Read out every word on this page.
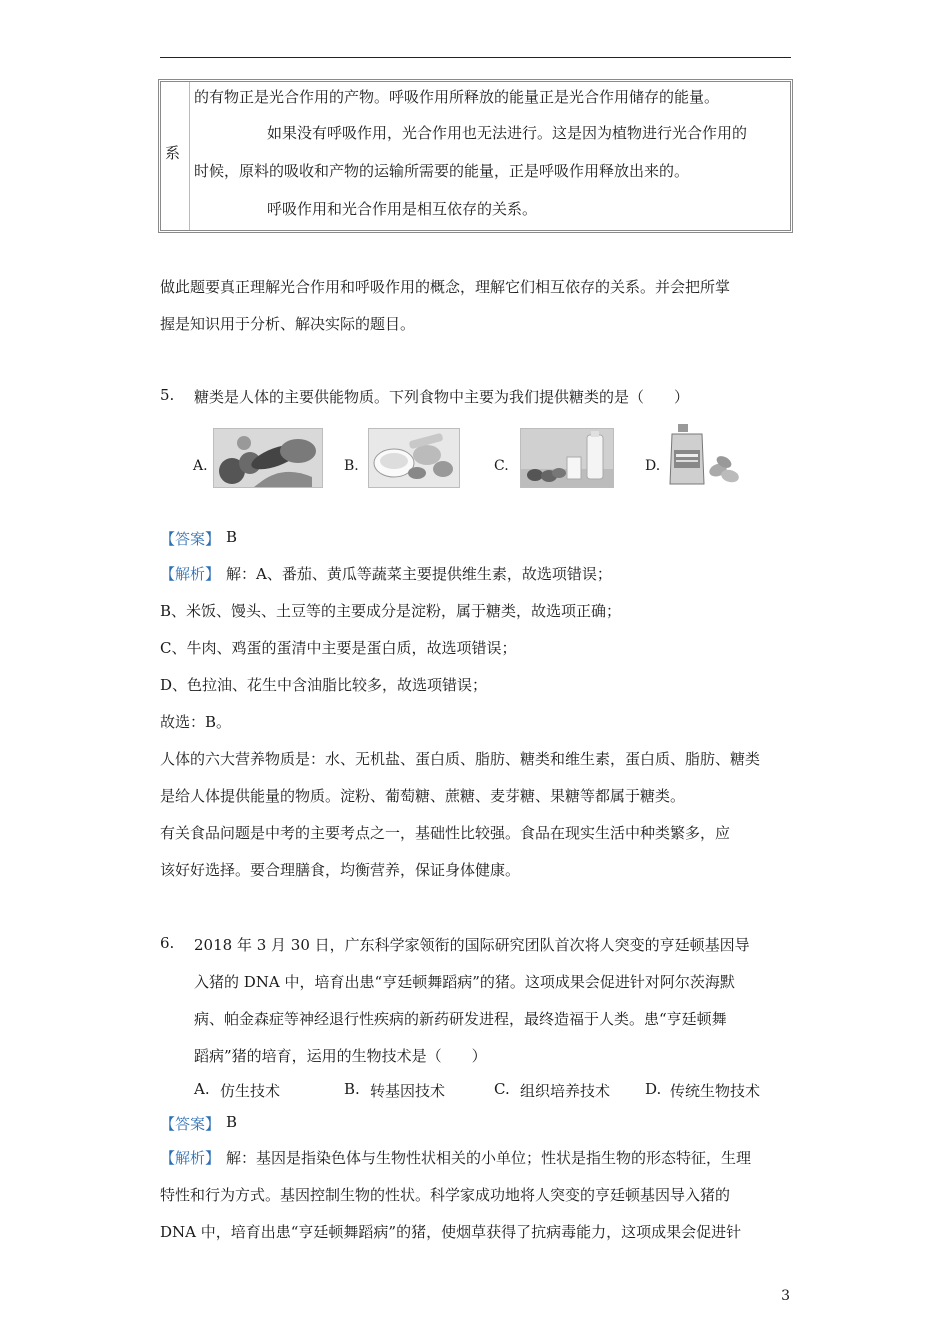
系
的有物正是光合作用的产物。呼吸作用所释放的能量正是光合作用储存的能量。
如果没有呼吸作用，光合作用也无法进行。这是因为植物进行光合作用的
时候，原料的吸收和产物的运输所需要的能量，正是呼吸作用释放出来的。
呼吸作用和光合作用是相互依存的关系。
做此题要真正理解光合作用和呼吸作用的概念，理解它们相互依存的关系。并会把所掌
握是知识用于分析、解决实际的题目。
5. 糖类是人体的主要供能物质。下列食物中主要为我们提供糖类的是（　　）
A.	B.	C.	D.
【答案】 B
【解析】 解：A、番茄、黄瓜等蔬菜主要提供维生素，故选项错误；
B、米饭、馒头、土豆等的主要成分是淀粉，属于糖类，故选项正确；
C、牛肉、鸡蛋的蛋清中主要是蛋白质，故选项错误；
D、色拉油、花生中含油脂比较多，故选项错误；
故选：B。
人体的六大营养物质是：水、无机盐、蛋白质、脂肪、糖类和维生素，蛋白质、脂肪、糖类
是给人体提供能量的物质。淀粉、葡萄糖、蔗糖、麦芽糖、果糖等都属于糖类。
有关食品问题是中考的主要考点之一，基础性比较强。食品在现实生活中种类繁多，应
该好好选择。要合理膳食，均衡营养，保证身体健康。
6. 2018 年 3 月 30 日，广东科学家领衔的国际研究团队首次将人突变的亨廷顿基因导
入猪的 DNA 中，培育出患“亨廷顿舞蹈病”的猪。这项成果会促进针对阿尔茨海默
病、帕金森症等神经退行性疾病的新药研发进程，最终造福于人类。患“亨廷顿舞
蹈病”猪的培育，运用的生物技术是（　　）
A. 仿生技术	B. 转基因技术	C. 组织培养技术 D. 传统生物技术
【答案】 B
【解析】 解：基因是指染色体与生物性状相关的小单位；性状是指生物的形态特征，生理
特性和行为方式。基因控制生物的性状。科学家成功地将人突变的亨廷顿基因导入猪的
DNA 中，培育出患“亨廷顿舞蹈病”的猪，使烟草获得了抗病毒能力，这项成果会促进针
3
